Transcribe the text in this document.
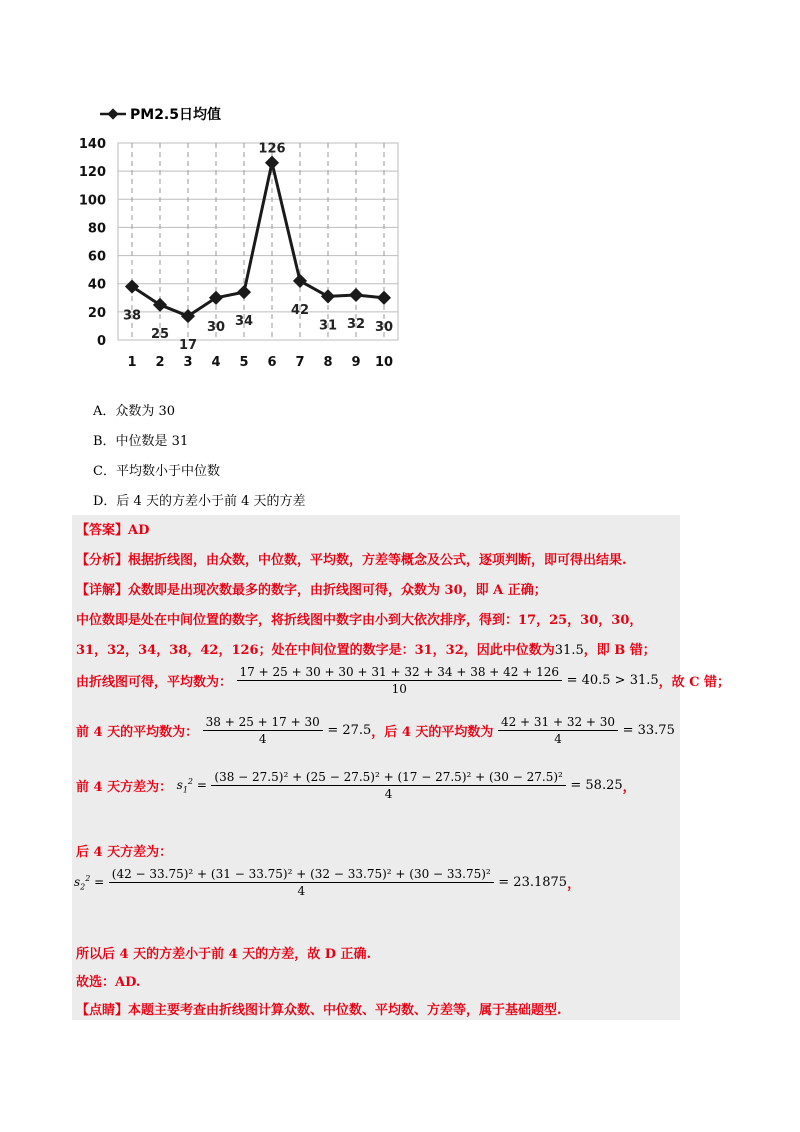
PM2.5日均值
0
20
40
60
80
100
120
140
1 2 3 4 5 6 7 8 9 10
38
25
17
30 34
126
42
31 32 30
A．众数为 30
B．中位数是 31
C．平均数小于中位数
D．后 4 天的方差小于前 4 天的方差
【答案】AD
【分析】根据折线图，由众数，中位数，平均数，方差等概念及公式，逐项判断，即可得出结果.
【详解】众数即是出现次数最多的数字，由折线图可得，众数为 30，即 A 正确；
中位数即是处在中间位置的数字，将折线图中数字由小到大依次排序，得到：17，25，30，30，
31，32，34，38，42，126；处在中间位置的数字是：31，32，因此中位数为31.5，即 B 错；
由折线图可得，平均数为： $\frac{17 + 25 + 30 + 30 + 31 + 32 + 34 + 38 + 42 + 126}{10} = 40.5 > 31.5$，故 C 错；
前 4 天的平均数为： $\frac{38 + 25 + 17 + 30}{4} = 27.5$，后 4 天的平均数为 $\frac{42 + 31 + 32 + 30}{4} = 33.75$
前 4 天方差为： $s_1^2 = \frac{\text{(38 − 27.5)² + (25 − 27.5)² + (17 − 27.5)² + (30 − 27.5)²}}{4} = 58.25$，
后 4 天方差为：
$s_2^2$ =
(42 − 33.75)² + (31 − 33.75)² + (32 − 33.75)² + (30 − 33.75)²
4
= 23.1875，
所以后 4 天的方差小于前 4 天的方差，故 D 正确.
故选：AD.
【点睛】本题主要考查由折线图计算众数、中位数、平均数、方差等，属于基础题型.
